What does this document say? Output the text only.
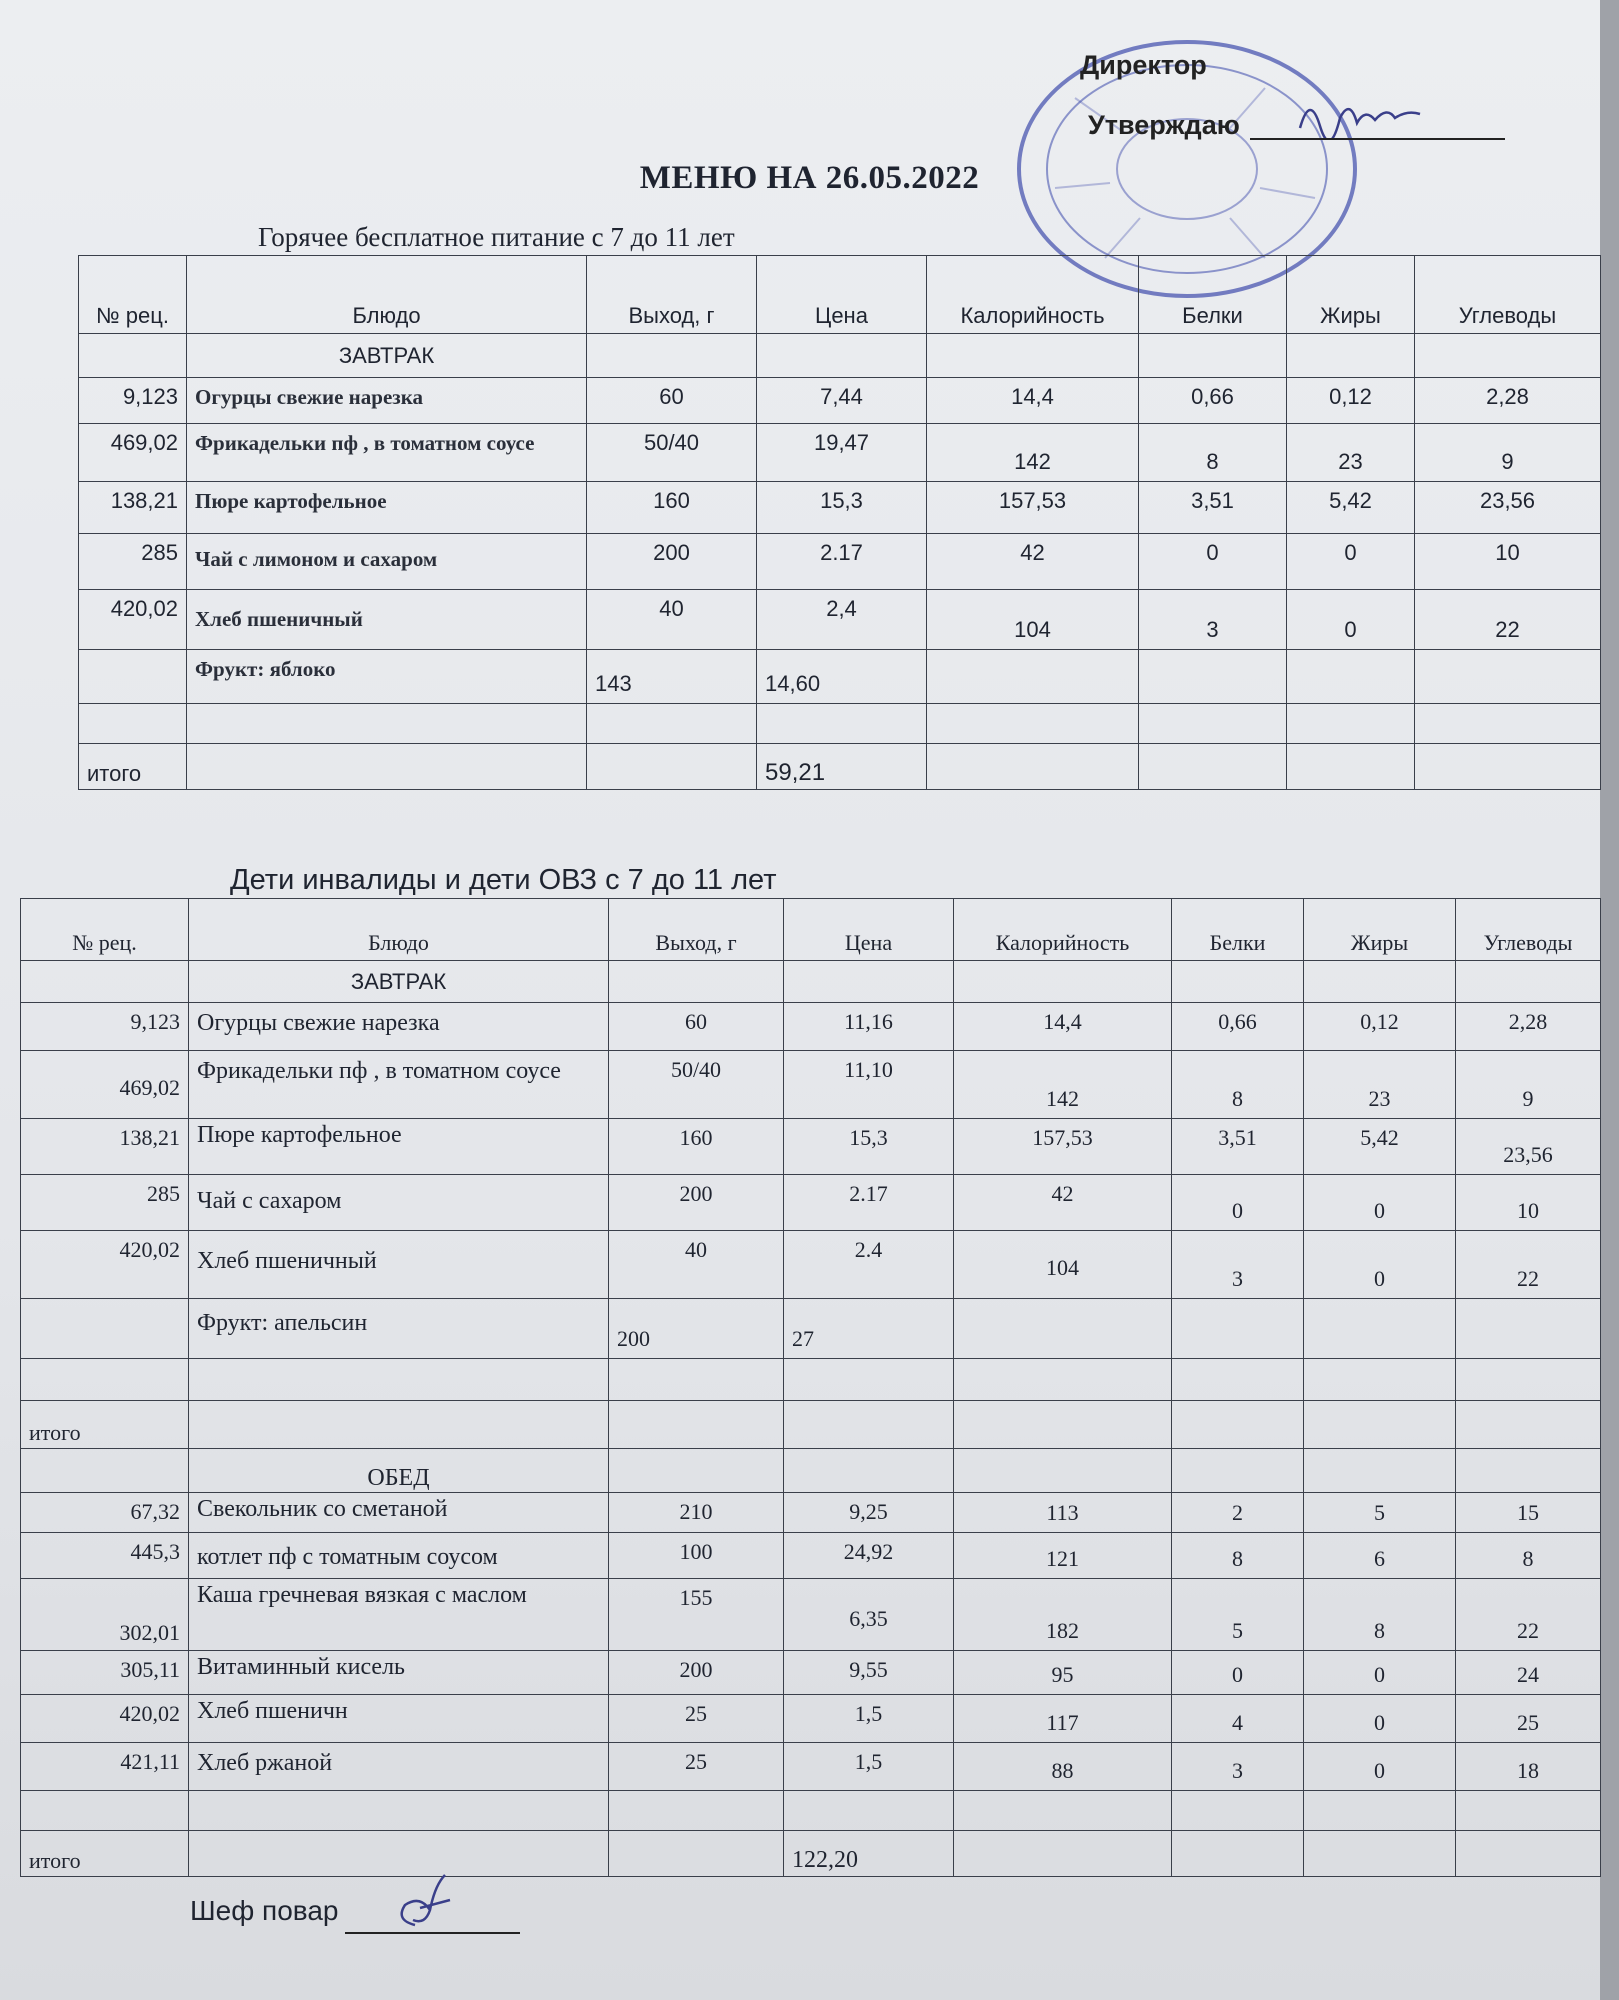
Директор
Утверждаю
МЕНЮ НА 26.05.2022
Горячее бесплатное питание с 7 до 11 лет
№ рец.	Блюдо	Выход, г	Цена	Калорийность	Белки	Жиры	Углеводы
	ЗАВТРАК						
9,123	Огурцы свежие нарезка	60	7,44	14,4	0,66	0,12	2,28
469,02	Фрикадельки пф , в томатном соусе	50/40	19,47	142	8	23	9
138,21	Пюре картофельное	160	15,3	157,53	3,51	5,42	23,56
285	Чай с лимоном и сахаром	200	2.17	42	0	0	10
420,02	Хлеб пшеничный	40	2,4	104	3	0	22
	Фрукт: яблоко	143	14,60				

итого			59,21				
Дети инвалиды и дети ОВЗ с 7 до 11 лет
№ рец.	Блюдо	Выход, г	Цена	Калорийность	Белки	Жиры	Углеводы
	ЗАВТРАК						
9,123	Огурцы свежие нарезка	60	11,16	14,4	0,66	0,12	2,28
469,02	Фрикадельки пф , в томатном соусе	50/40	11,10	142	8	23	9
138,21	Пюре картофельное	160	15,3	157,53	3,51	5,42	23,56
285	Чай с сахаром	200	2.17	42	0	0	10
420,02	Хлеб пшеничный	40	2.4	104	3	0	22
	Фрукт: апельсин	200	27				

итого							
	ОБЕД						
67,32	Свекольник со сметаной	210	9,25	113	2	5	15
445,3	котлет пф с томатным соусом	100	24,92	121	8	6	8
302,01	Каша гречневая вязкая с маслом	155	6,35	182	5	8	22
305,11	Витаминный кисель	200	9,55	95	0	0	24
420,02	Хлеб пшеничн	25	1,5	117	4	0	25
421,11	Хлеб ржаной	25	1,5	88	3	0	18

итого			122,20				
Шеф повар
